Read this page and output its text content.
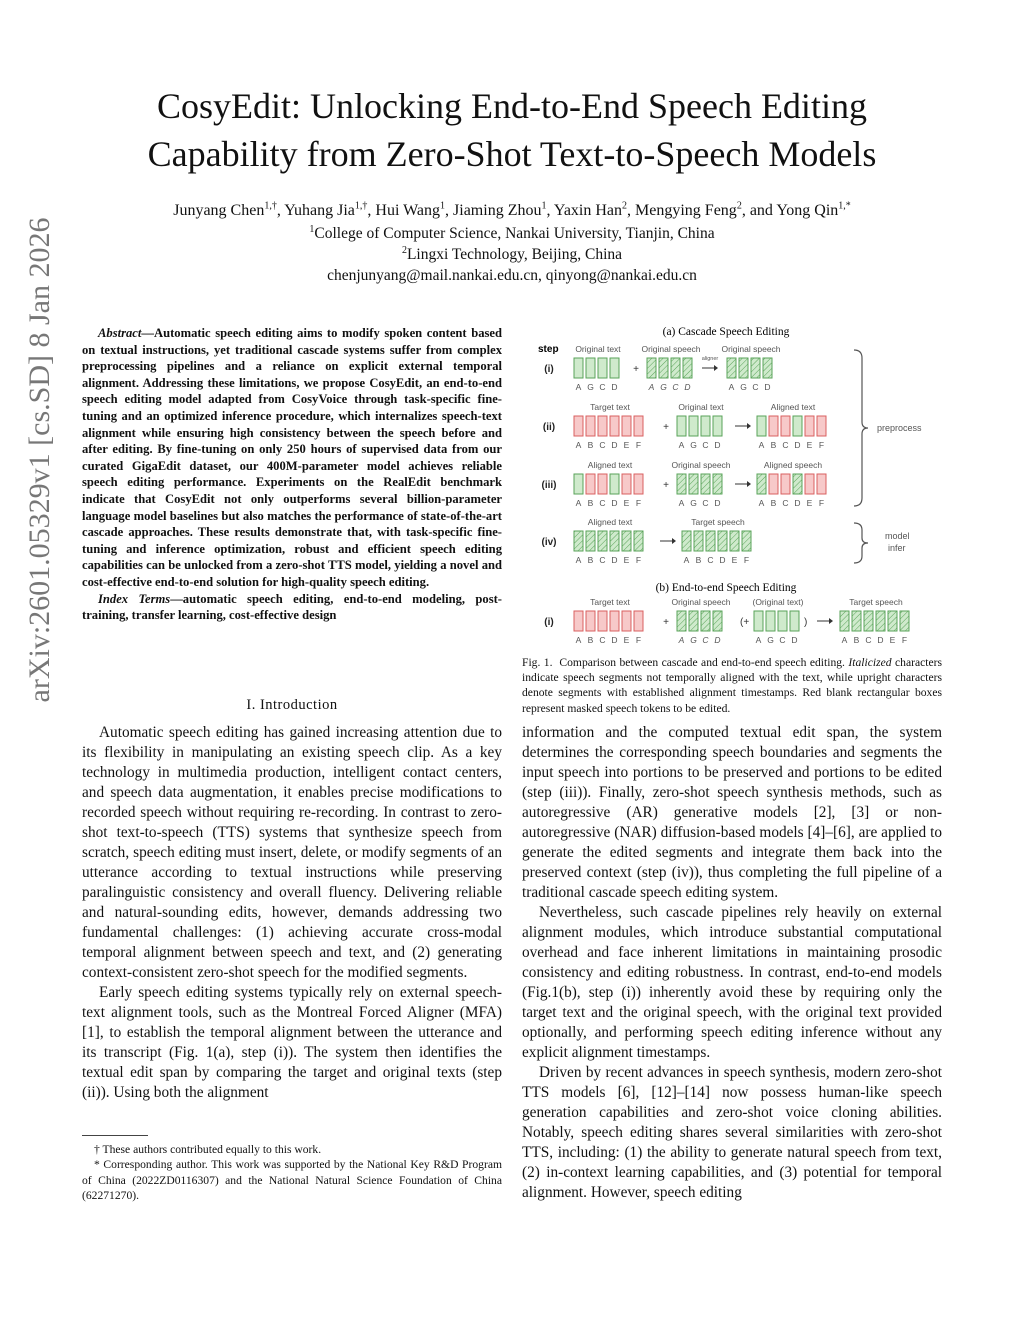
arXiv:2601.05329v1 [cs.SD] 8 Jan 2026
CosyEdit: Unlocking End-to-End Speech Editing
Capability from Zero-Shot Text-to-Speech Models
Junyang Chen$^{1,\dagger}$, Yuhang Jia$^{1,\dagger}$, Hui Wang$^1$, Jiaming Zhou$^1$, Yaxin Han$^2$, Mengying Feng$^2$, and Yong Qin$^{1,*}$
$^1$College of Computer Science, Nankai University, Tianjin, China
$^2$Lingxi Technology, Beijing, China
chenjunyang@mail.nankai.edu.cn, qinyong@nankai.edu.cn

Abstract—Automatic speech editing aims to modify spoken content based on textual instructions, yet traditional cascade systems suffer from complex preprocessing pipelines and a reliance on explicit external temporal alignment. Addressing these limitations, we propose CosyEdit, an end-to-end speech editing model adapted from CosyVoice through task-specific fine-tuning and an optimized inference procedure, which internalizes speech-text alignment while ensuring high consistency between the speech before and after editing. By fine-tuning on only 250 hours of supervised data from our curated GigaEdit dataset, our 400M-parameter model achieves reliable speech editing performance. Experiments on the RealEdit benchmark indicate that CosyEdit not only outperforms several billion-parameter language model baselines but also matches the performance of state-of-the-art cascade approaches. These results demonstrate that, with task-specific fine-tuning and inference optimization, robust and efficient speech editing capabilities can be unlocked from a zero-shot TTS model, yielding a novel and cost-effective end-to-end solution for high-quality speech editing.

Index Terms—automatic speech editing, end-to-end modeling, post-training, transfer learning, cost-effective design

I. Introduction

Automatic speech editing has gained increasing attention due to its flexibility in manipulating an existing speech clip. As a key technology in multimedia production, intelligent contact centers, and speech data augmentation, it enables precise modifications to recorded speech without requiring re-recording. In contrast to zero-shot text-to-speech (TTS) systems that synthesize speech from scratch, speech editing must insert, delete, or modify segments of an utterance according to textual instructions while preserving paralinguistic consistency and overall fluency. Delivering reliable and natural-sounding edits, however, demands addressing two fundamental challenges: (1) achieving accurate cross-modal temporal alignment between speech and text, and (2) generating context-consistent zero-shot speech for the modified segments.

Early speech editing systems typically rely on external speech-text alignment tools, such as the Montreal Forced Aligner (MFA) [1], to establish the temporal alignment between the utterance and its transcript (Fig. 1(a), step (i)). The system then identifies the textual edit span by comparing the target and original texts (step (ii)). Using both the alignment

† These authors contributed equally to this work.

* Corresponding author. This work was supported by the National Key R&D Program of China (2022ZD0116307) and the National Natural Science Foundation of China (62271270).

(a) Cascade Speech Editing
step
(i)
A G C D
Original text
+
A G C D
Original speech
aligner
A G C D
Original speech
(ii)
A B C D E F
Target text
+
A G C D
Original text
A B C D E F
Aligned text
(iii)
A B C D E F
Aligned text
+
A G C D
Original speech
A B C D E F
Aligned speech
(iv)
A B C D E F
Aligned text
A B C D E F
Target speech
(i)
A B C D E F
Target text
+
A G C D
Original speech
(+
A G C D
(Original text)
)
A B C D E F
Target speech
(b) End-to-end Speech Editing
preprocess
model
infer
Fig. 1. Comparison between cascade and end-to-end speech editing. Italicized characters indicate speech segments not temporally aligned with the text, while upright characters denote segments with established alignment timestamps. Red blank rectangular boxes represent masked speech tokens to be edited.

information and the computed textual edit span, the system determines the corresponding speech boundaries and segments the input speech into portions to be preserved and portions to be edited (step (iii)). Finally, zero-shot speech synthesis methods, such as autoregressive (AR) generative models [2], [3] or non-autoregressive (NAR) diffusion-based models [4]–[6], are applied to generate the edited segments and integrate them back into the preserved context (step (iv)), thus completing the full pipeline of a traditional cascade speech editing system.

Nevertheless, such cascade pipelines rely heavily on external alignment modules, which introduce substantial computational overhead and face inherent limitations in maintaining prosodic consistency and editing robustness. In contrast, end-to-end models (Fig.1(b), step (i)) inherently avoid these by requiring only the target text and the original speech, with the original text provided optionally, and performing speech editing inference without any explicit alignment timestamps.

Driven by recent advances in speech synthesis, modern zero-shot TTS models [6], [12]–[14] now possess human-like speech generation capabilities and zero-shot voice cloning abilities. Notably, speech editing shares several similarities with zero-shot TTS, including: (1) the ability to generate natural speech from text, (2) in-context learning capabilities, and (3) potential for temporal alignment. However, speech editing
